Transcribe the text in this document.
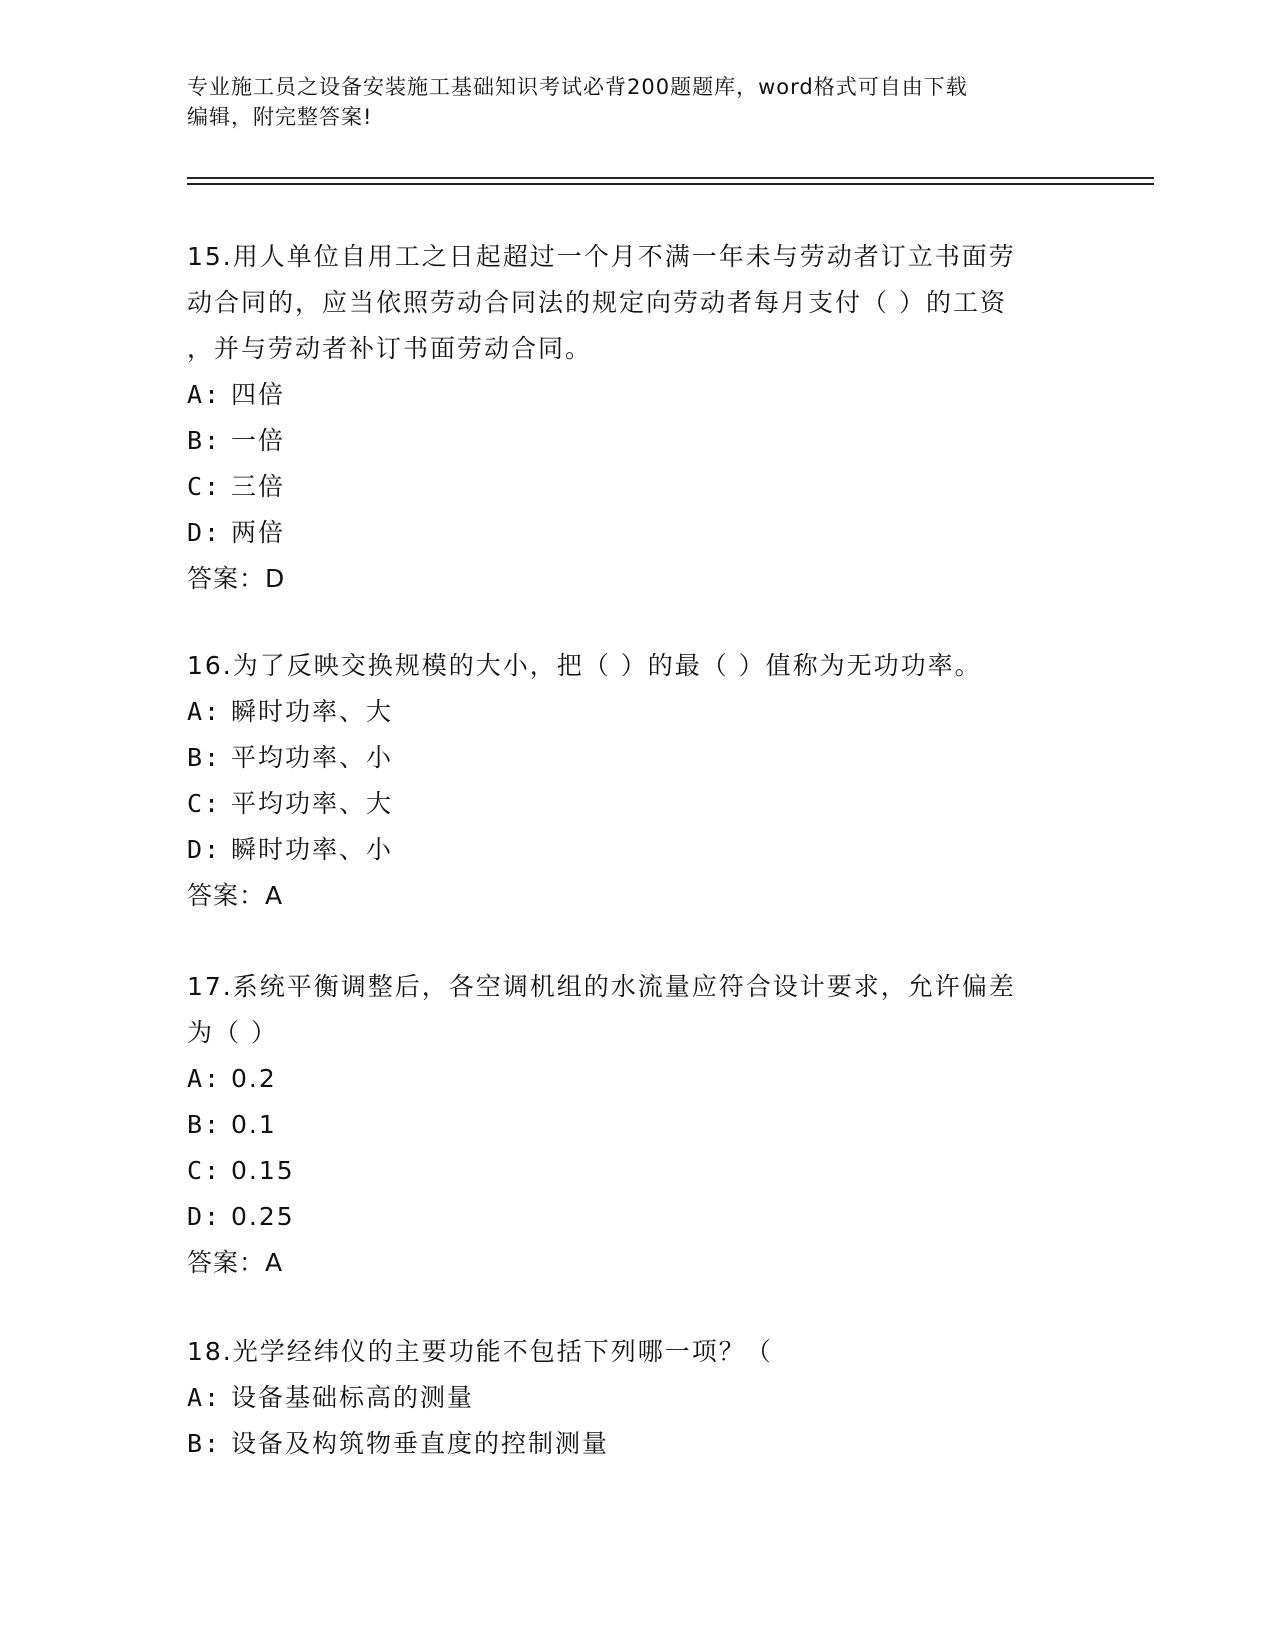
专业施工员之设备安装施工基础知识考试必背200题题库，word格式可自由下载
编辑，附完整答案!
15.用人单位自用工之日起超过一个月不满一年未与劳动者订立书面劳
动合同的，应当依照劳动合同法的规定向劳动者每月支付（ ）的工资
，并与劳动者补订书面劳动合同。
A: 四倍
B: 一倍
C: 三倍
D: 两倍
答案：D
16.为了反映交换规模的大小，把（ ）的最（ ）值称为无功功率。
A: 瞬时功率、大
B: 平均功率、小
C: 平均功率、大
D: 瞬时功率、小
答案：A
17.系统平衡调整后，各空调机组的水流量应符合设计要求，允许偏差
为（ ）
A: 0.2
B: 0.1
C: 0.15
D: 0.25
答案：A
18.光学经纬仪的主要功能不包括下列哪一项？（
A: 设备基础标高的测量
B: 设备及构筑物垂直度的控制测量
